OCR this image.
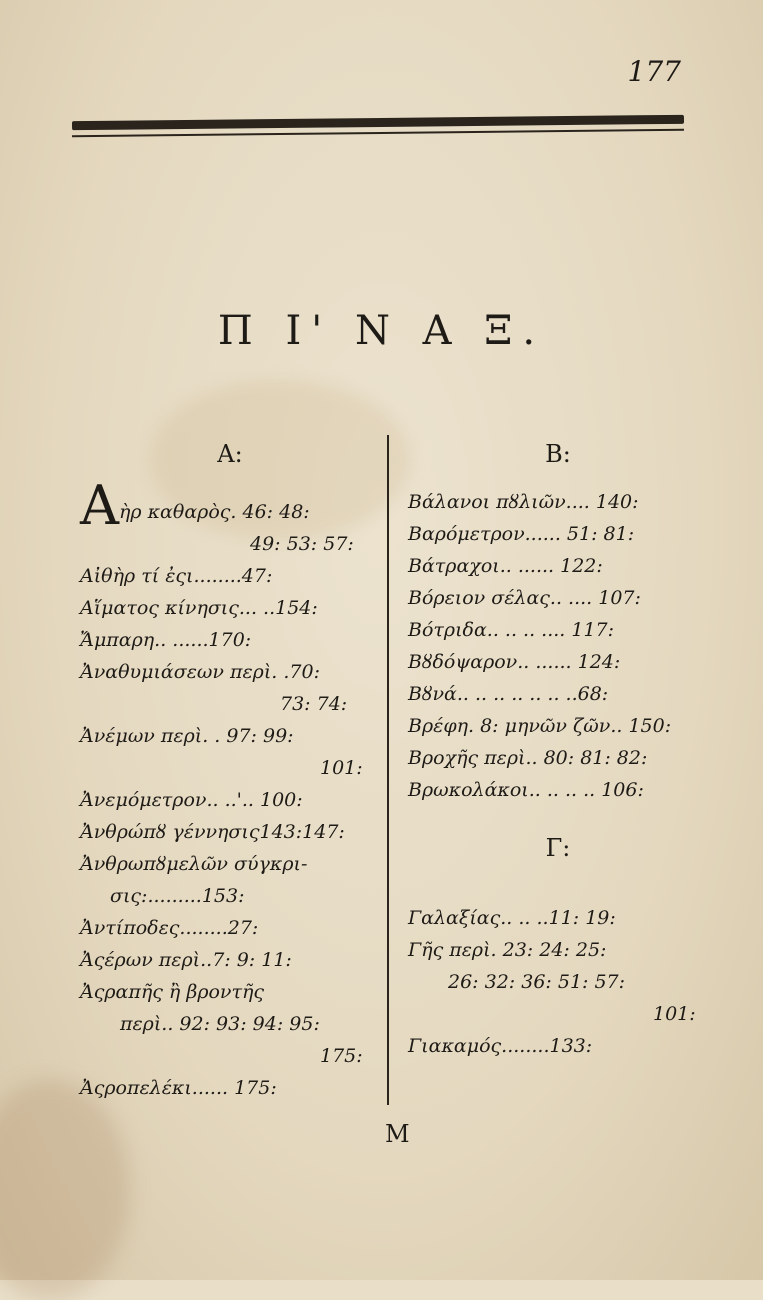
177
Π Ι' Ν Α Ξ.
Α:
Αὴρ καθαρὸς. 46: 48:
49: 53: 57:
Αἰθὴρ τί ἐςι........47:
Αἵματος κίνησις... ..154:
Ἄμπαρη.. ......170:
Ἀναθυμιάσεων περὶ. .70:
73: 74:
Ἀνέμων περὶ. . 97: 99:
101:
Ἀνεμόμετρον.. ..'.. 100:
Ἀνθρώπȣ γέννησις143:147:
Ἀνθρωπȣμελῶν σύγκρι-
σις:.........153:
Ἀντίποδες........27:
Ἀςέρων περὶ..7: 9: 11:
Ἀςραπῆς ἢ βροντῆς
περὶ.. 92: 93: 94: 95:
175:
Ἀςροπελέκι...... 175:
Β:
Βάλανοι πȣλιῶν.... 140:
Βαρόμετρον...... 51: 81:
Βάτραχοι.. ...... 122:
Βόρειον σέλας.. .... 107:
Βότριδα.. .. .. .... 117:
Βȣδόψαρον.. ...... 124:
Βȣνά.. .. .. .. .. .. ..68:
Βρέφη. 8: μηνῶν ζῶν.. 150:
Βροχῆς περὶ.. 80: 81: 82:
Βρωκολάκοι.. .. .. .. 106:
Γ:
Γαλαξίας.. .. ..11: 19:
Γῆς περὶ. 23: 24: 25:
26: 32: 36: 51: 57:
101:
Γιακαμός........133:
Μ
